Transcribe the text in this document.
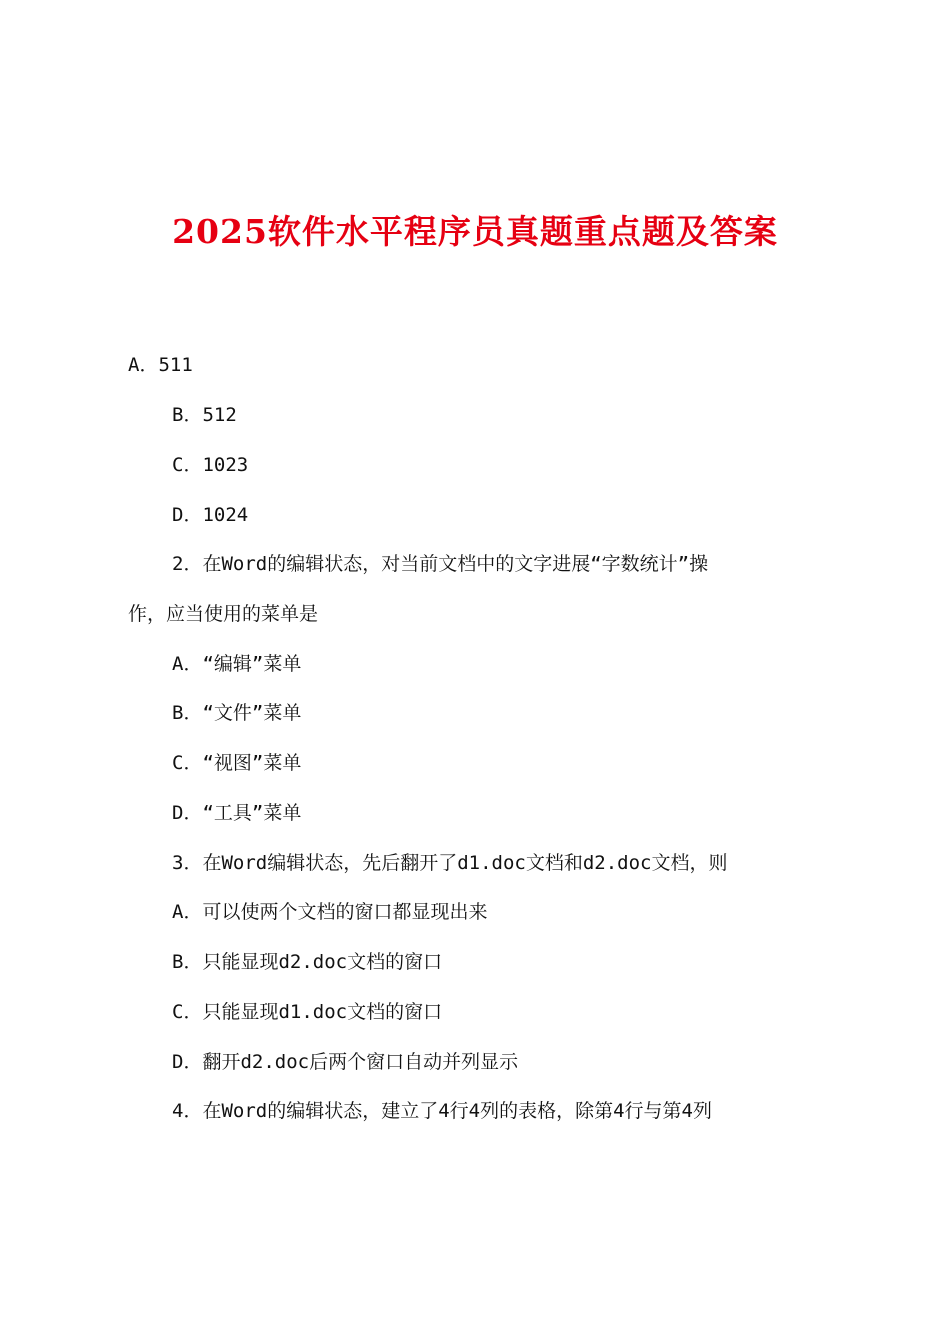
2025软件水平程序员真题重点题及答案

A．511

B．512

C．1023

D．1024

2．在Word的编辑状态，对当前文档中的文字进展“字数统计”操

作，应当使用的菜单是

A．“编辑”菜单

B．“文件”菜单

C．“视图”菜单

D．“工具”菜单

3．在Word编辑状态，先后翻开了d1.doc文档和d2.doc文档，则

A．可以使两个文档的窗口都显现出来

B．只能显现d2.doc文档的窗口

C．只能显现d1.doc文档的窗口

D．翻开d2.doc后两个窗口自动并列显示

4．在Word的编辑状态，建立了4行4列的表格，除第4行与第4列
